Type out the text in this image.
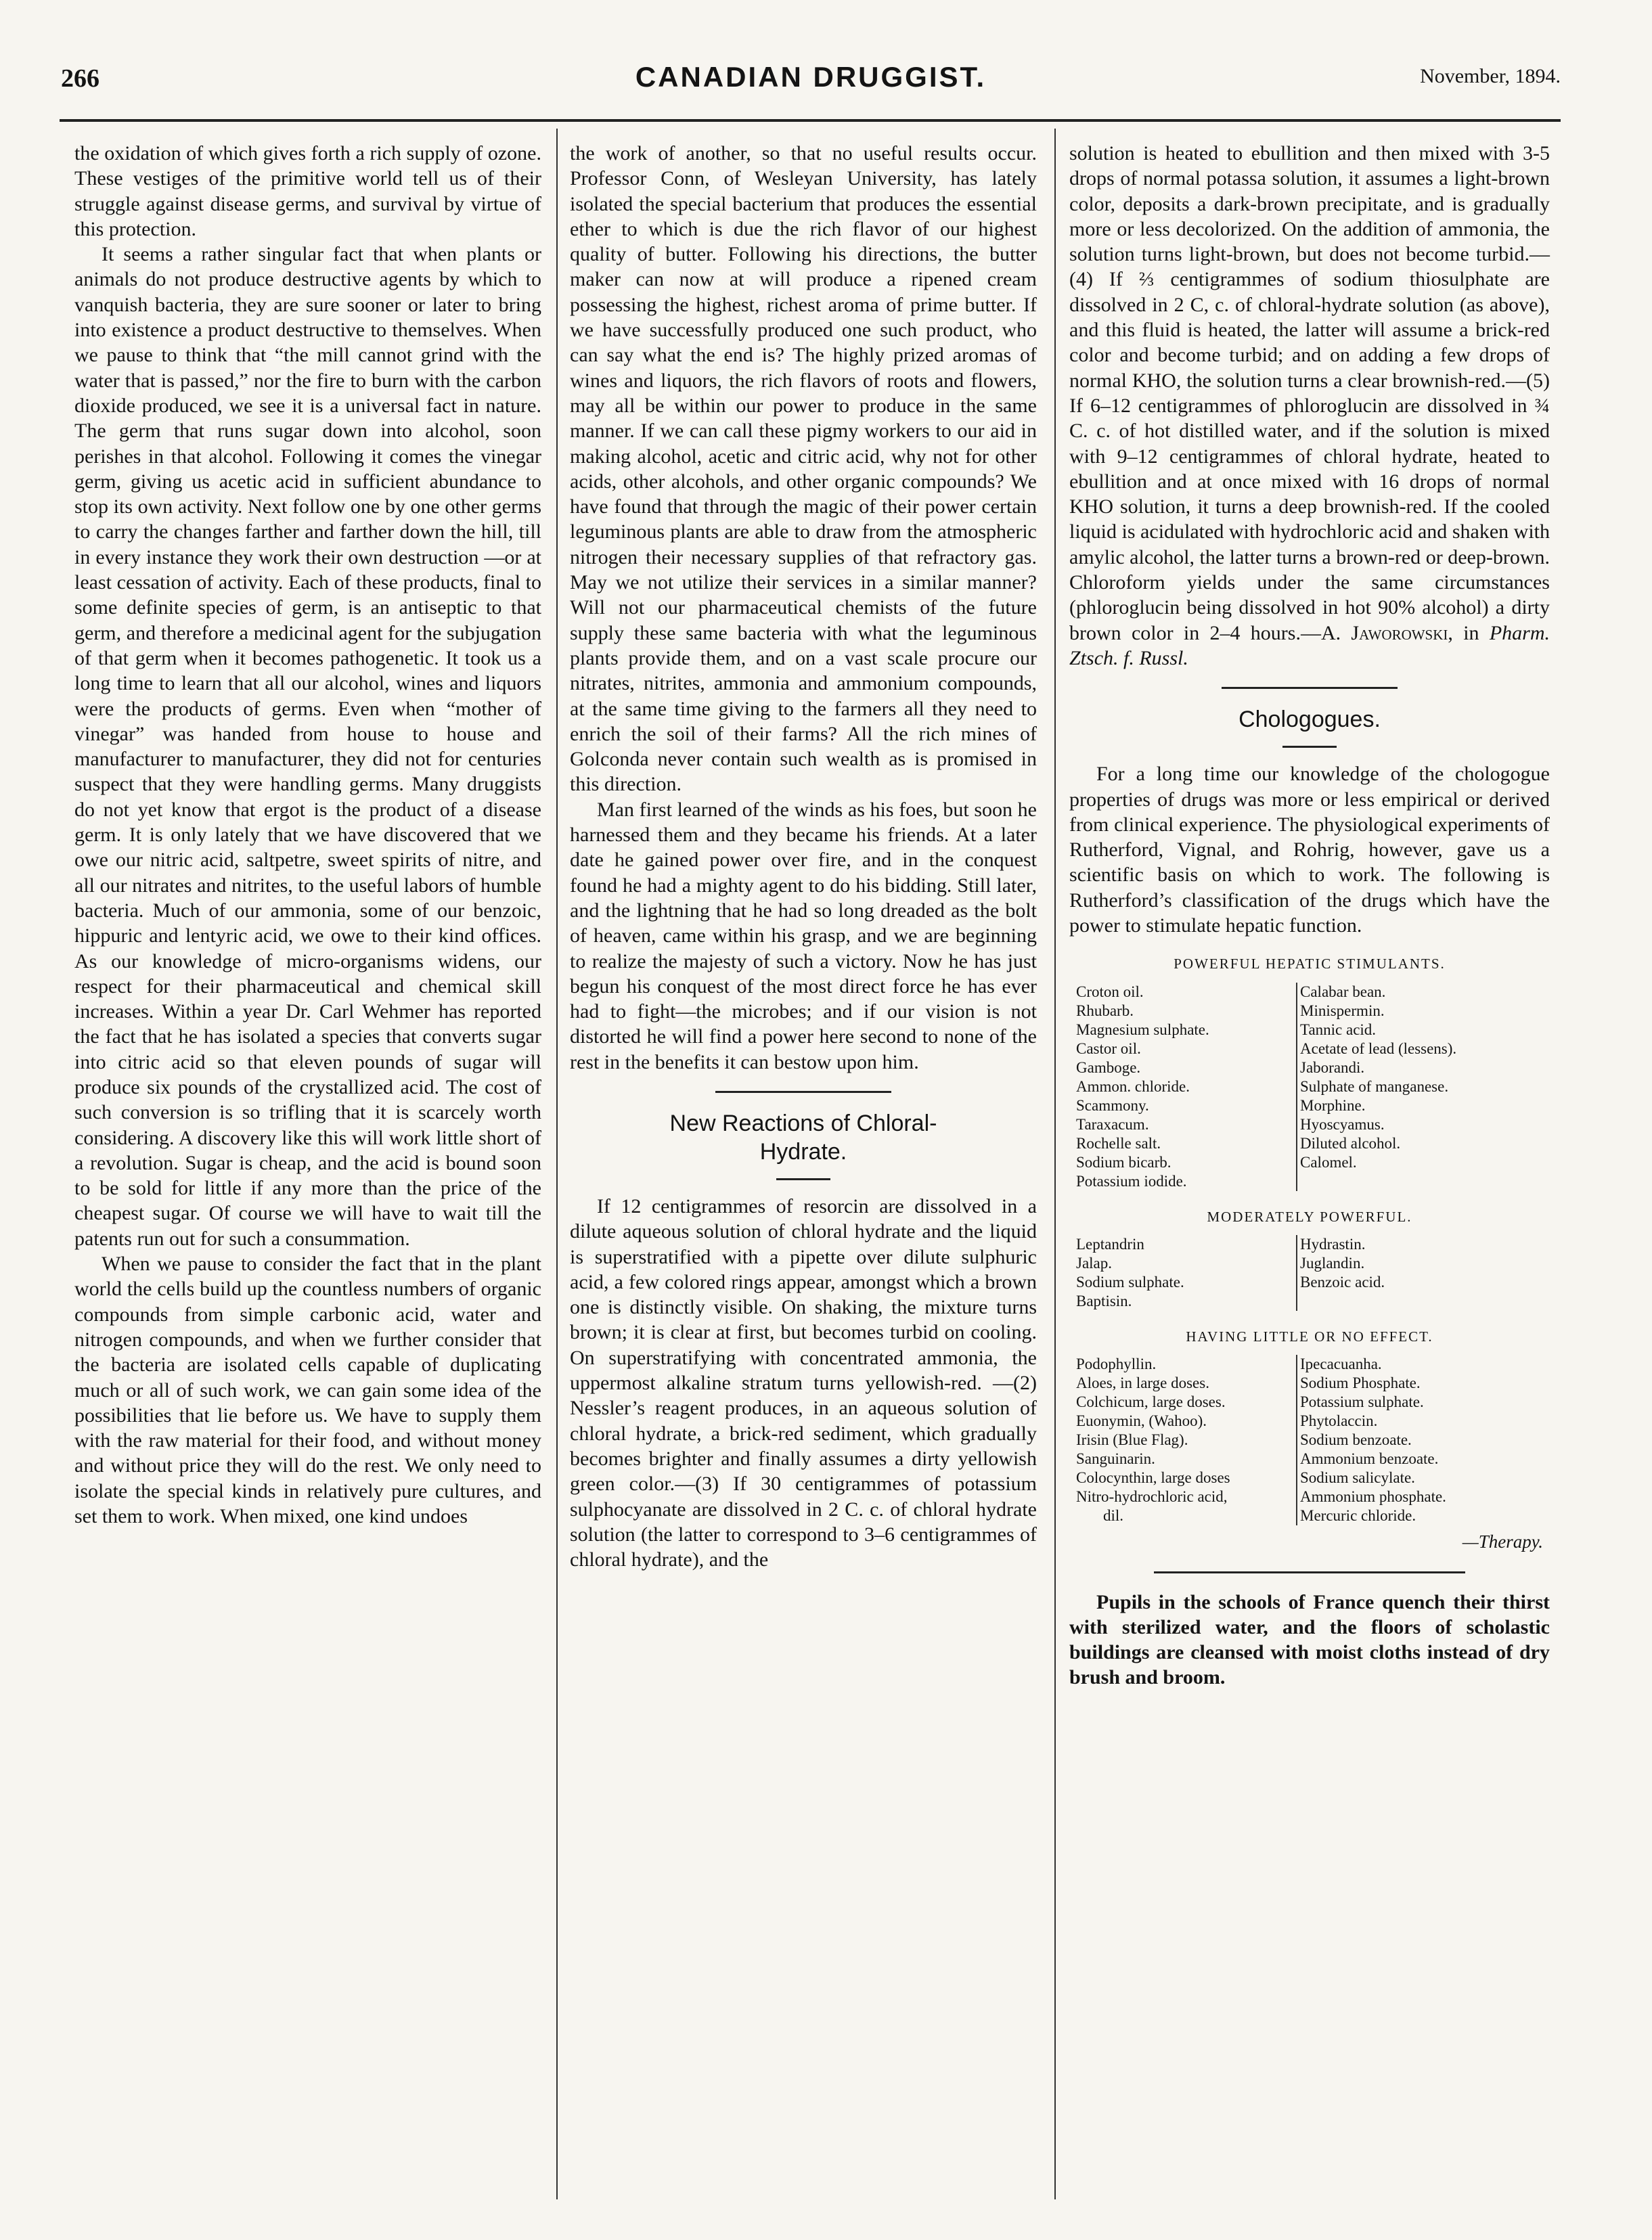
266	CANADIAN DRUGGIST.	November, 1894.

the oxidation of which gives forth a rich supply of ozone. These vestiges of the primitive world tell us of their struggle against disease germs, and survival by virtue of this protection.

It seems a rather singular fact that when plants or animals do not produce destructive agents by which to vanquish bacteria, they are sure sooner or later to bring into existence a product destructive to themselves. When we pause to think that “the mill cannot grind with the water that is passed,” nor the fire to burn with the carbon dioxide produced, we see it is a universal fact in nature. The germ that runs sugar down into alcohol, soon perishes in that alcohol. Following it comes the vinegar germ, giving us acetic acid in sufficient abundance to stop its own activity. Next follow one by one other germs to carry the changes farther and farther down the hill, till in every instance they work their own destruction —or at least cessation of activity. Each of these products, final to some definite species of germ, is an antiseptic to that germ, and therefore a medicinal agent for the subjugation of that germ when it becomes pathogenetic. It took us a long time to learn that all our alcohol, wines and liquors were the products of germs. Even when “mother of vinegar” was handed from house to house and manufacturer to manufacturer, they did not for centuries suspect that they were handling germs. Many druggists do not yet know that ergot is the product of a disease germ. It is only lately that we have discovered that we owe our nitric acid, saltpetre, sweet spirits of nitre, and all our nitrates and nitrites, to the useful labors of humble bacteria. Much of our ammonia, some of our benzoic, hippuric and lentyric acid, we owe to their kind offices. As our knowledge of micro-organisms widens, our respect for their pharmaceutical and chemical skill increases. Within a year Dr. Carl Wehmer has reported the fact that he has isolated a species that converts sugar into citric acid so that eleven pounds of sugar will produce six pounds of the crystallized acid. The cost of such conversion is so trifling that it is scarcely worth considering. A discovery like this will work little short of a revolution. Sugar is cheap, and the acid is bound soon to be sold for little if any more than the price of the cheapest sugar. Of course we will have to wait till the patents run out for such a consummation.

When we pause to consider the fact that in the plant world the cells build up the countless numbers of organic compounds from simple carbonic acid, water and nitrogen compounds, and when we further consider that the bacteria are isolated cells capable of duplicating much or all of such work, we can gain some idea of the possibilities that lie before us. We have to supply them with the raw material for their food, and without money and without price they will do the rest. We only need to isolate the special kinds in relatively pure cultures, and set them to work. When mixed, one kind undoes

the work of another, so that no useful results occur. Professor Conn, of Wesleyan University, has lately isolated the special bacterium that produces the essential ether to which is due the rich flavor of our highest quality of butter. Following his directions, the butter maker can now at will produce a ripened cream possessing the highest, richest aroma of prime butter. If we have successfully produced one such product, who can say what the end is? The highly prized aromas of wines and liquors, the rich flavors of roots and flowers, may all be within our power to produce in the same manner. If we can call these pigmy workers to our aid in making alcohol, acetic and citric acid, why not for other acids, other alcohols, and other organic compounds? We have found that through the magic of their power certain leguminous plants are able to draw from the atmospheric nitrogen their necessary supplies of that refractory gas. May we not utilize their services in a similar manner? Will not our pharmaceutical chemists of the future supply these same bacteria with what the leguminous plants provide them, and on a vast scale procure our nitrates, nitrites, ammonia and ammonium compounds, at the same time giving to the farmers all they need to enrich the soil of their farms? All the rich mines of Golconda never contain such wealth as is promised in this direction.

Man first learned of the winds as his foes, but soon he harnessed them and they became his friends. At a later date he gained power over fire, and in the conquest found he had a mighty agent to do his bidding. Still later, and the lightning that he had so long dreaded as the bolt of heaven, came within his grasp, and we are beginning to realize the majesty of such a victory. Now he has just begun his conquest of the most direct force he has ever had to fight—the microbes; and if our vision is not distorted he will find a power here second to none of the rest in the benefits it can bestow upon him.

New Reactions of Chloral-
Hydrate.

If 12 centigrammes of resorcin are dissolved in a dilute aqueous solution of chloral hydrate and the liquid is superstratified with a pipette over dilute sulphuric acid, a few colored rings appear, amongst which a brown one is distinctly visible. On shaking, the mixture turns brown; it is clear at first, but becomes turbid on cooling. On superstratifying with concentrated ammonia, the uppermost alkaline stratum turns yellowish-red. —(2) Nessler’s reagent produces, in an aqueous solution of chloral hydrate, a brick-red sediment, which gradually becomes brighter and finally assumes a dirty yellowish green color.—(3) If 30 centigrammes of potassium sulphocyanate are dissolved in 2 C. c. of chloral hydrate solution (the latter to correspond to 3–6 centigrammes of chloral hydrate), and the

solution is heated to ebullition and then mixed with 3-5 drops of normal potassa solution, it assumes a light-brown color, deposits a dark-brown precipitate, and is gradually more or less decolorized. On the addition of ammonia, the solution turns light-brown, but does not become turbid.—(4) If ⅔ centigrammes of sodium thiosulphate are dissolved in 2 C, c. of chloral-hydrate solution (as above), and this fluid is heated, the latter will assume a brick-red color and become turbid; and on adding a few drops of normal KHO, the solution turns a clear brownish-red.—(5) If 6–12 centigrammes of phloroglucin are dissolved in ¾ C. c. of hot distilled water, and if the solution is mixed with 9–12 centigrammes of chloral hydrate, heated to ebullition and at once mixed with 16 drops of normal KHO solution, it turns a deep brownish-red. If the cooled liquid is acidulated with hydrochloric acid and shaken with amylic alcohol, the latter turns a brown-red or deep-brown. Chloroform yields under the same circumstances (phloroglucin being dissolved in hot 90% alcohol) a dirty brown color in 2–4 hours.—A. Jaworowski, in Pharm. Ztsch. f. Russl.

Chologogues.

For a long time our knowledge of the chologogue properties of drugs was more or less empirical or derived from clinical experience. The physiological experiments of Rutherford, Vignal, and Rohrig, however, gave us a scientific basis on which to work. The following is Rutherford’s classification of the drugs which have the power to stimulate hepatic function.

POWERFUL HEPATIC STIMULANTS.
Croton oil.
Rhubarb.
Magnesium sulphate.
Castor oil.
Gamboge.
Ammon. chloride.
Scammony.
Taraxacum.
Rochelle salt.
Sodium bicarb.
Potassium iodide.
Calabar bean.
Minispermin.
Tannic acid.
Acetate of lead (lessens).
Jaborandi.
Sulphate of manganese.
Morphine.
Hyoscyamus.
Diluted alcohol.
Calomel.
MODERATELY POWERFUL.
Leptandrin
Jalap.
Sodium sulphate.
Baptisin.
Hydrastin.
Juglandin.
Benzoic acid.
HAVING LITTLE OR NO EFFECT.
Podophyllin.
Aloes, in large doses.
Colchicum, large doses.
Euonymin, (Wahoo).
Irisin (Blue Flag).
Sanguinarin.
Colocynthin, large doses
Nitro-hydrochloric acid,
dil.
Ipecacuanha.
Sodium Phosphate.
Potassium sulphate.
Phytolaccin.
Sodium benzoate.
Ammonium benzoate.
Sodium salicylate.
Ammonium phosphate.
Mercuric chloride.
—Therapy.

Pupils in the schools of France quench their thirst with sterilized water, and the floors of scholastic buildings are cleansed with moist cloths instead of dry brush and broom.
